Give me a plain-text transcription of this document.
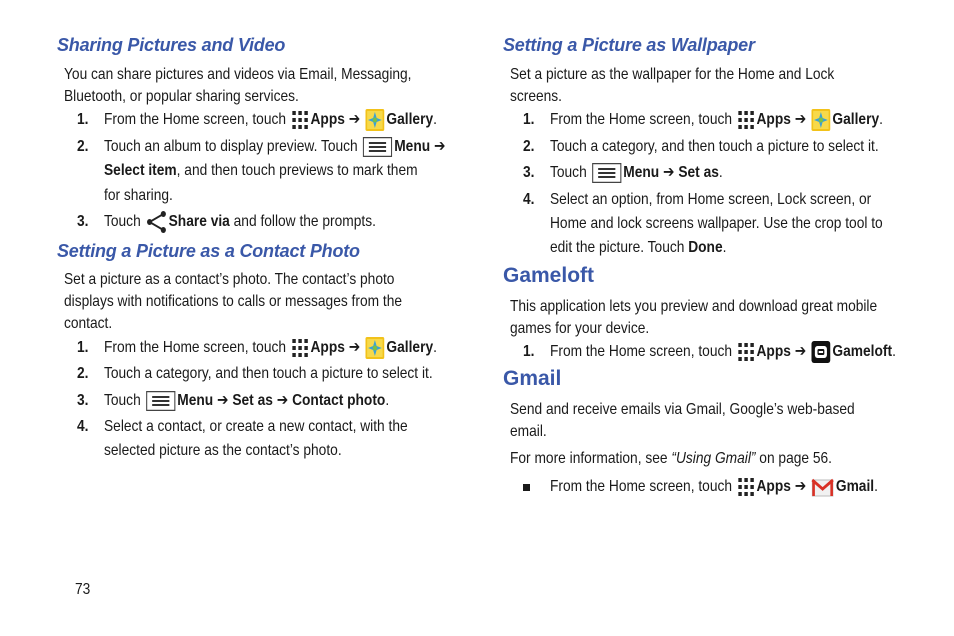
Sharing Pictures and Video
You can share pictures and videos via Email, Messaging,
Bluetooth, or popular sharing services.
1. From the Home screen, touch Apps ➔ Gallery.
2. Touch an album to display preview. Touch Menu ➔
Select item, and then touch previews to mark them
for sharing.
3. Touch Share via and follow the prompts.
Setting a Picture as a Contact Photo
Set a picture as a contact’s photo. The contact’s photo
displays with notifications to calls or messages from the
contact.
1. From the Home screen, touch Apps ➔ Gallery.
2. Touch a category, and then touch a picture to select it.
3. Touch Menu ➔ Set as ➔ Contact photo.
4. Select a contact, or create a new contact, with the
selected picture as the contact’s photo.
Setting a Picture as Wallpaper
Set a picture as the wallpaper for the Home and Lock
screens.
1. From the Home screen, touch Apps ➔ Gallery.
2. Touch a category, and then touch a picture to select it.
3. Touch Menu ➔ Set as.
4. Select an option, from Home screen, Lock screen, or
Home and lock screens wallpaper. Use the crop tool to
edit the picture. Touch Done.
Gameloft
This application lets you preview and download great mobile
games for your device.
1. From the Home screen, touch Apps ➔ Gameloft.
Gmail
Send and receive emails via Gmail, Google’s web-based
email.
For more information, see “Using Gmail” on page 56.
From the Home screen, touch Apps ➔ Gmail.
73
